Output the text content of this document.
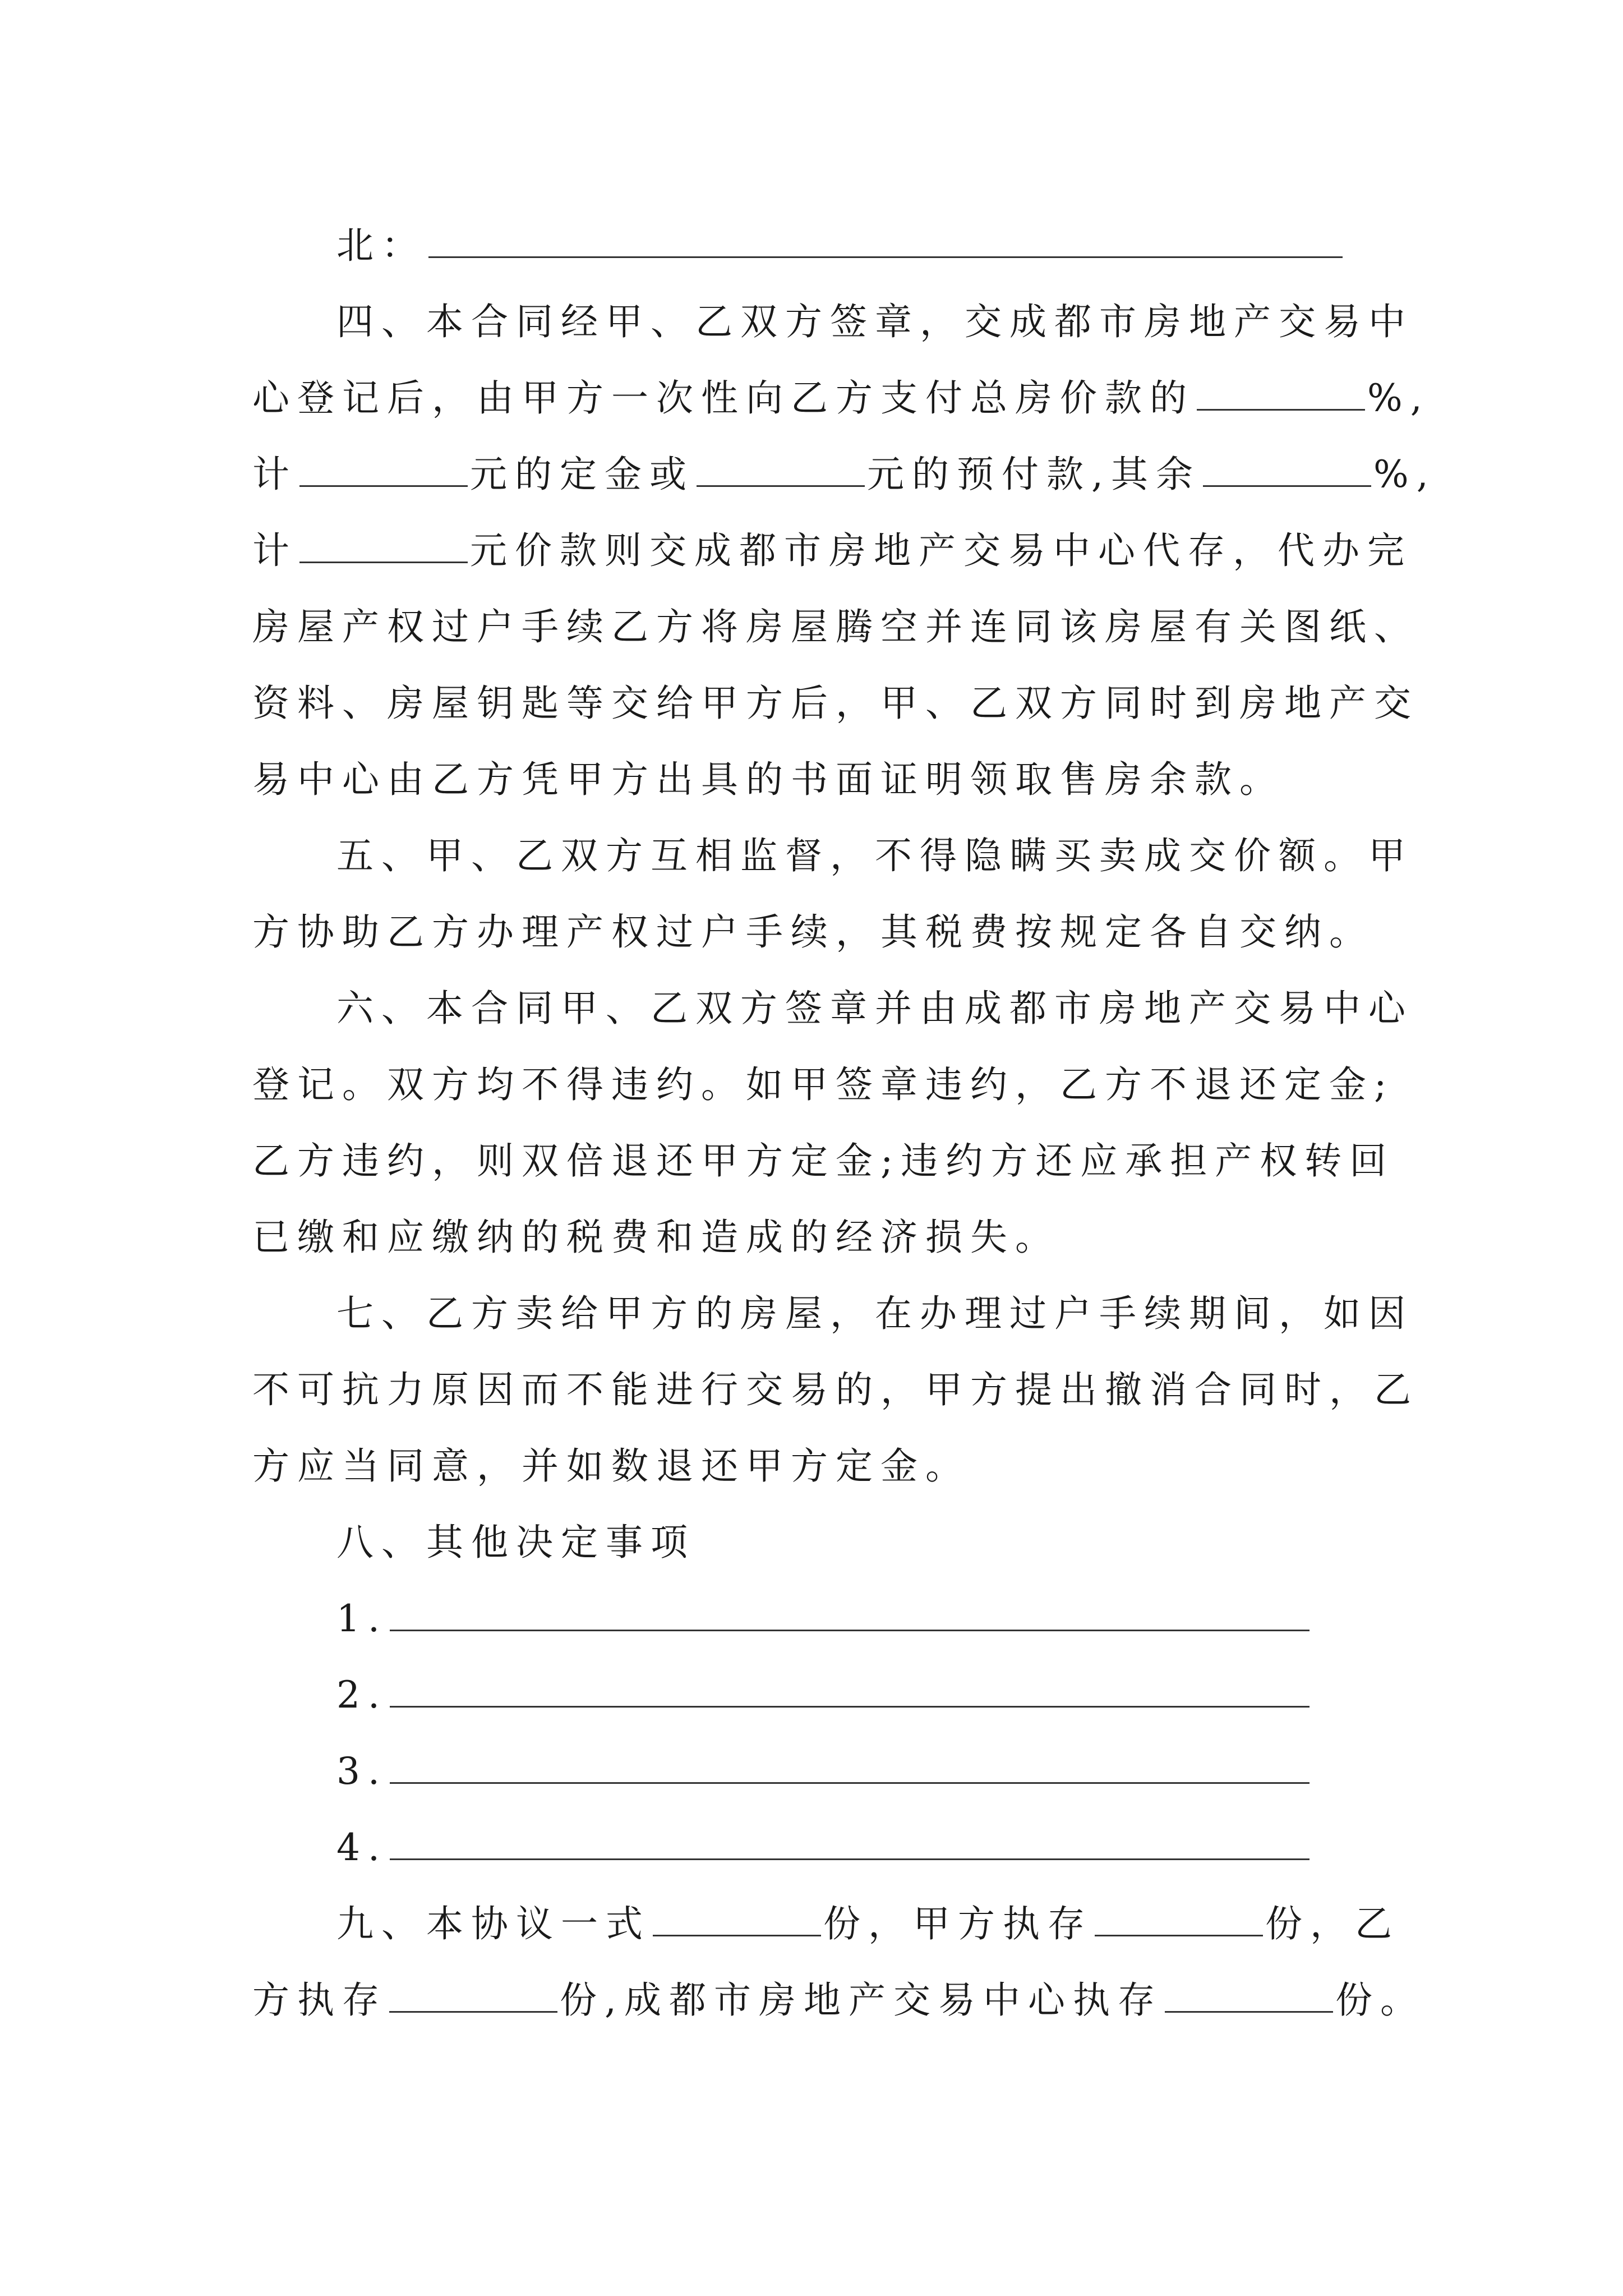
北：
四、本合同经甲、乙双方签章，交成都市房地产交易中
心登记后，由甲方一次性向乙方支付总房价款的	%,
计	元的定金或	元的预付款,其余	%,
计	元价款则交成都市房地产交易中心代存，代办完
房屋产权过户手续乙方将房屋腾空并连同该房屋有关图纸、
资料、房屋钥匙等交给甲方后，甲、乙双方同时到房地产交
易中心由乙方凭甲方出具的书面证明领取售房余款。
五、甲、乙双方互相监督，不得隐瞒买卖成交价额。甲
方协助乙方办理产权过户手续，其税费按规定各自交纳。
六、本合同甲、乙双方签章并由成都市房地产交易中心
登记。双方均不得违约。如甲签章违约，乙方不退还定金;
乙方违约，则双倍退还甲方定金;违约方还应承担产权转回
已缴和应缴纳的税费和造成的经济损失。
七、乙方卖给甲方的房屋，在办理过户手续期间，如因
不可抗力原因而不能进行交易的，甲方提出撤消合同时，乙
方应当同意，并如数退还甲方定金。
八、其他决定事项
1.
2.
3.
4.
九、本协议一式	份，甲方执存	份，乙
方执存	份,成都市房地产交易中心执存	份。
